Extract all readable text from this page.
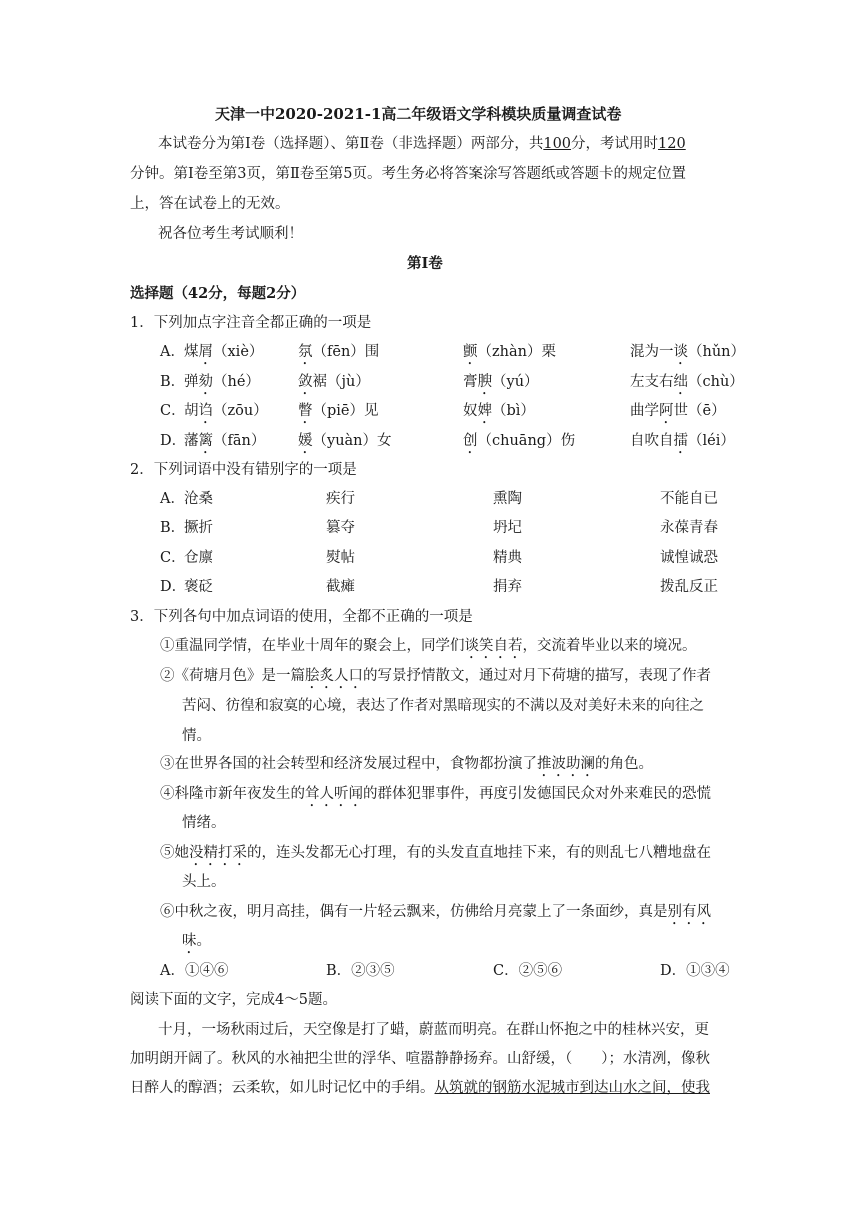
天津一中2020-2021-1高二年级语文学科模块质量调查试卷
本试卷分为第Ⅰ卷（选择题）、第Ⅱ卷（非选择题）两部分，共100分，考试用时120
分钟。第Ⅰ卷至第3页，第Ⅱ卷至第5页。考生务必将答案涂写答题纸或答题卡的规定位置
上，答在试卷上的无效。
祝各位考生考试顺利！
第Ⅰ卷
选择题（42分，每题2分）
1．下列加点字注音全都正确的一项是
A． 煤屑（xiè） 氛（fēn）围	颤（zhàn）栗	混为一谈（hǔn）
B．
弹劾（hé）	敛裾（jù）	膏腴（yú）	左支右绌（chù）
C．
胡诌（zōu） 瞥（piē）见	奴婢（bì）	曲学阿世（ē）
D．
藩篱（fān） 媛（yuàn）女	创（chuāng）伤	自吹自擂（léi）
2．下列词语中没有错别字的一项是
A． 沧桑	疾行	熏陶	不能自已
B．
撅折	篡夺	坍圮	永葆青春
C．
仓廪	熨帖	精典	诚惶诚恐
D．
褒砭	截瘫	捐弃	拨乱反正
3．下列各句中加点词语的使用，全都不正确的一项是
①重温同学情，在毕业十周年的聚会上，同学们谈笑自若，交流着毕业以来的境况。
②《荷塘月色》是一篇脍炙人口的写景抒情散文，通过对月下荷塘的描写，表现了作者
苦闷、彷徨和寂寞的心境，表达了作者对黑暗现实的不满以及对美好未来的向往之
情。
③在世界各国的社会转型和经济发展过程中，食物都扮演了推波助澜的角色。
④科隆市新年夜发生的耸人听闻的群体犯罪事件，再度引发德国民众对外来难民的恐慌
情绪。
⑤她没精打采的，连头发都无心打理，有的头发直直地挂下来，有的则乱七八糟地盘在
头上。
⑥中秋之夜，明月高挂，偶有一片轻云飘来，仿佛给月亮蒙上了一条面纱，真是别有风
味。
A．①④⑥	B．②③⑤	C．②⑤⑥	D．①③④
阅读下面的文字，完成4～5题。
十月，一场秋雨过后，天空像是打了蜡，蔚蓝而明亮。在群山怀抱之中的桂林兴安，更
加明朗开阔了。秋风的水袖把尘世的浮华、喧嚣静静扬弃。山舒缓，（　　）；水清冽，像秋
日醉人的醇酒；云柔软，如儿时记忆中的手绢。从筑就的钢筋水泥城市到达山水之间，使我
